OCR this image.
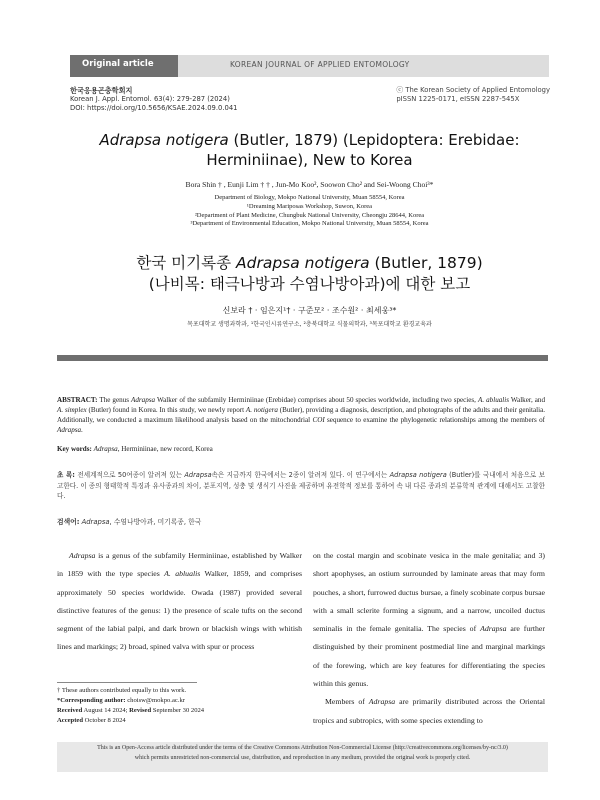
Original article	KOREAN JOURNAL OF APPLIED ENTOMOLOGY
한국응용곤충학회지
Korean J. Appl. Entomol. 63(4): 279-287 (2024)
DOI: https://doi.org/10.5656/KSAE.2024.09.0.041
ⓒ The Korean Society of Applied Entomology
pISSN 1225-0171, eISSN 2287-545X
Adrapsa notigera (Butler, 1879) (Lepidoptera: Erebidae: Herminiinae), New to Korea
Bora Shin † , Eunji Lim † † , Jun-Mo Koo², Soowon Cho² and Sei-Woong Choi³*
Department of Biology, Mokpo National University, Muan 58554, Korea
¹Dreaming Mariposas Workshop, Suwon, Korea
²Department of Plant Medicine, Chungbuk National University, Cheongju 28644, Korea
³Department of Environmental Education, Mokpo National University, Muan 58554, Korea
한국 미기록종 Adrapsa notigera (Butler, 1879)
(나비목: 태극나방과 수염나방아과)에 대한 보고
신보라 † · 임은지¹† · 구준모² · 조수원² · 최세웅³*
목포대학교 생명과학과, ¹한국인시류연구소, ²충북대학교 식물의학과, ³목포대학교 환경교육과
ABSTRACT: The genus Adrapsa Walker of the subfamily Herminiinae (Erebidae) comprises about 50 species worldwide, including two species, A. ablualis Walker, and A. simplex (Butler) found in Korea. In this study, we newly report A. notigera (Butler), providing a diagnosis, description, and photographs of the adults and their genitalia. Additionally, we conducted a maximum likelihood analysis based on the mitochondrial COI sequence to examine the phylogenetic relationships among the members of Adrapsa.
Key words: Adrapsa, Herminiinae, new record, Korea
초 록: 전세계적으로 50여종이 알려져 있는 Adrapsa속은 지금까지 한국에서는 2종이 알려져 있다. 이 연구에서는 Adrapsa notigera (Butler)를 국내에서 처음으로 보고한다. 이 종의 형태학적 특징과 유사종과의 차이, 분포지역, 성충 및 생식기 사진을 제공하며 유전학적 정보를 통하여 속 내 다른 종과의 분류학적 관계에 대해서도 고찰한다.
검색어: Adrapsa, 수염나방아과, 미기록종, 한국
Adrapsa is a genus of the subfamily Herminiinae, established by Walker in 1859 with the type species A. ablualis Walker, 1859, and comprises approximately 50 species worldwide. Owada (1987) provided several distinctive features of the genus: 1) the presence of scale tufts on the second segment of the labial palpi, and dark brown or blackish wings with whitish lines and markings; 2) broad, spined valva with spur or process
on the costal margin and scobinate vesica in the male genitalia; and 3) short apophyses, an ostium surrounded by laminate areas that may form pouches, a short, furrowed ductus bursae, a finely scobinate corpus bursae with a small sclerite forming a signum, and a narrow, uncoiled ductus seminalis in the female genitalia. The species of Adrapsa are further distinguished by their prominent postmedial line and marginal markings of the forewing, which are key features for differentiating the species within this genus.
Members of Adrapsa are primarily distributed across the Oriental tropics and subtropics, with some species extending to
† These authors contributed equally to this work.
*Corresponding author: choisw@mokpo.ac.kr
Received August 14 2024; Revised September 30 2024
Accepted October 8 2024
This is an Open-Access article distributed under the terms of the Creative Commons Attribution Non-Commercial License (http://creativecommons.org/licenses/by-nc/3.0)
which permits unrestricted non-commercial use, distribution, and reproduction in any medium, provided the original work is properly cited.
